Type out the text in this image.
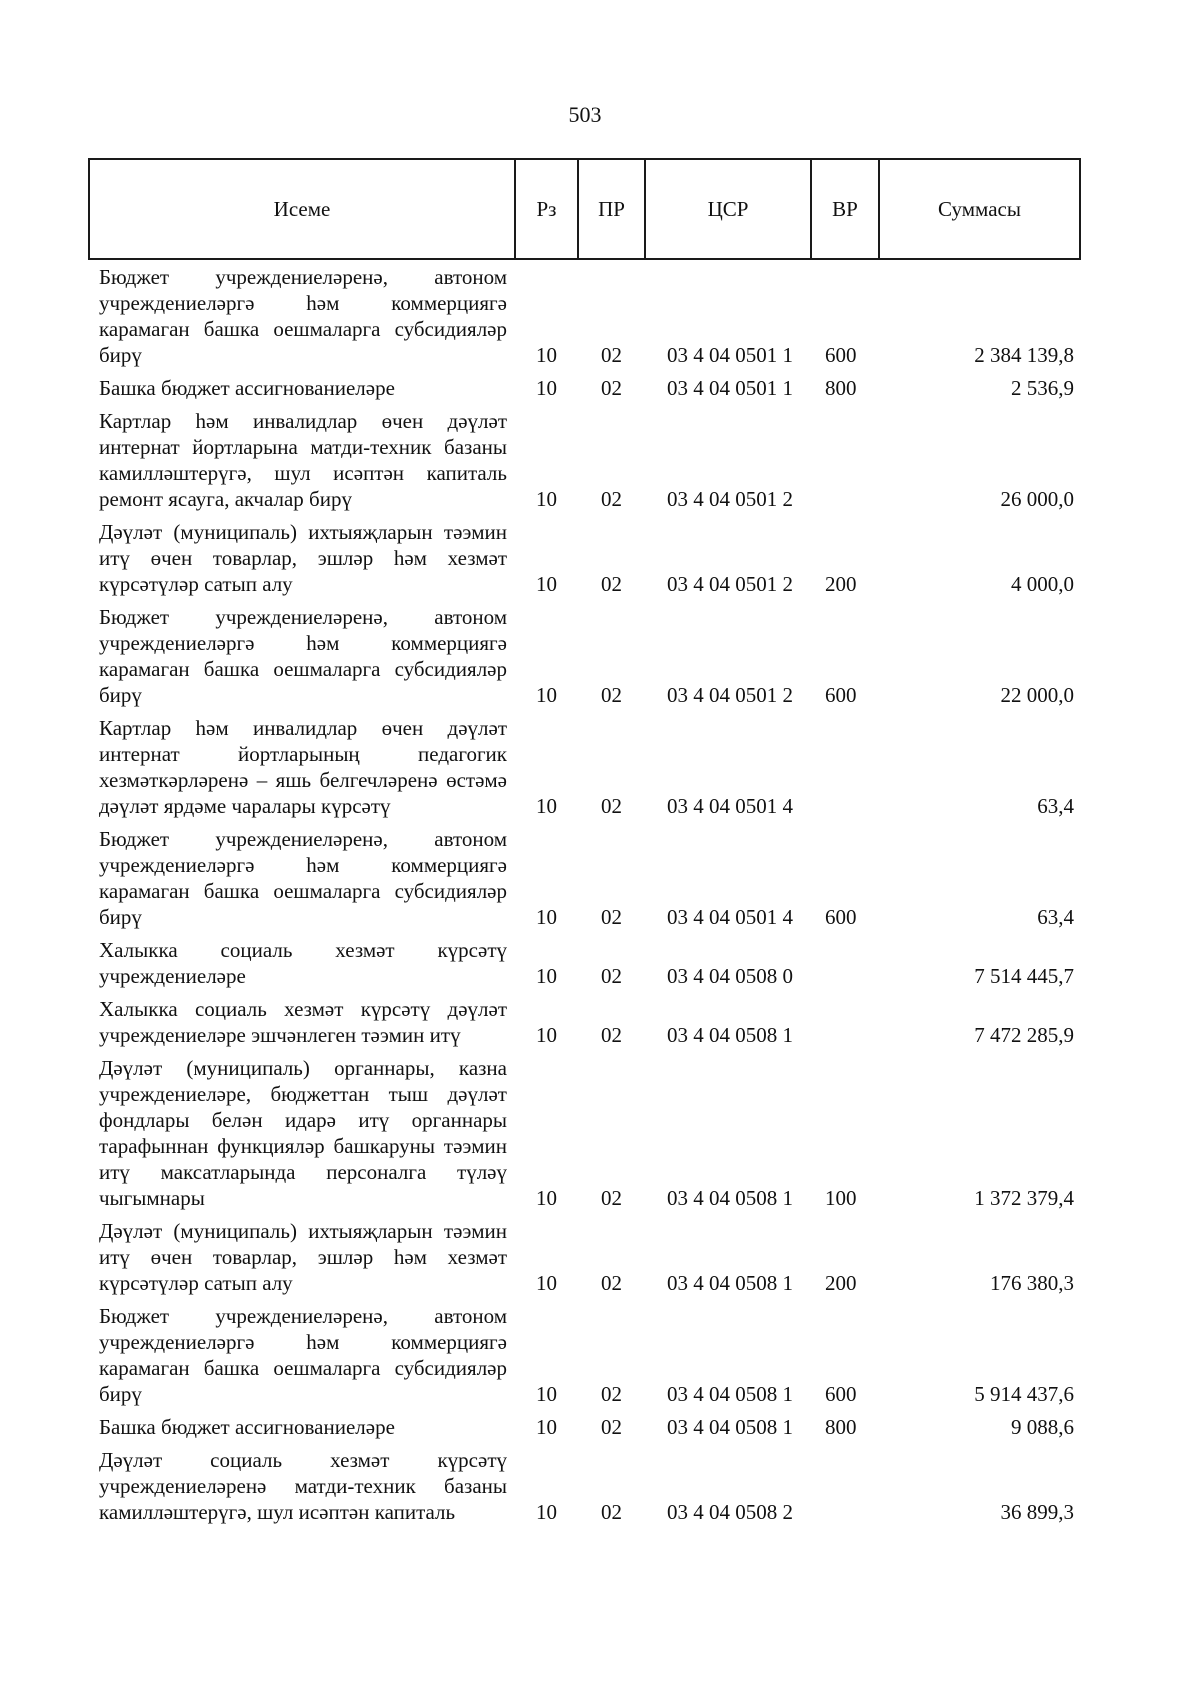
503
Исеме	Рз	ПР	ЦСР	ВР	Суммасы
Бюджет учреждениеләренә, автоном учреждениеләргә һәм коммерциягә карамаган башка оешмаларга субсидияләр бирү	10	02	03 4 04 0501 1	600	2 384 139,8
Башка бюджет ассигнованиеләре	10	02	03 4 04 0501 1	800	2 536,9
Картлар һәм инвалидлар өчен дәүләт интернат йортларына матди-техник базаны камилләштерүгә, шул исәптән капиталь ремонт ясауга, акчалар бирү	10	02	03 4 04 0501 2		26 000,0
Дәүләт (муниципаль) ихтыяҗларын тәэмин итү өчен товарлар, эшләр һәм хезмәт күрсәтүләр сатып алу	10	02	03 4 04 0501 2	200	4 000,0
Бюджет учреждениеләренә, автоном учреждениеләргә һәм коммерциягә карамаган башка оешмаларга субсидияләр бирү	10	02	03 4 04 0501 2	600	22 000,0
Картлар һәм инвалидлар өчен дәүләт интернат йортларының педагогик хезмәткәрләренә – яшь белгечләренә өстәмә дәүләт ярдәме чаралары күрсәтү	10	02	03 4 04 0501 4		63,4
Бюджет учреждениеләренә, автоном учреждениеләргә һәм коммерциягә карамаган башка оешмаларга субсидияләр бирү	10	02	03 4 04 0501 4	600	63,4
Халыкка социаль хезмәт күрсәтү учреждениеләре	10	02	03 4 04 0508 0		7 514 445,7
Халыкка социаль хезмәт күрсәтү дәүләт учреждениеләре эшчәнлеген тәэмин итү	10	02	03 4 04 0508 1		7 472 285,9
Дәүләт (муниципаль) органнары, казна учреждениеләре, бюджеттан тыш дәүләт фондлары белән идарә итү органнары тарафыннан функцияләр башкаруны тәэмин итү максатларында персоналга түләү чыгымнары	10	02	03 4 04 0508 1	100	1 372 379,4
Дәүләт (муниципаль) ихтыяҗларын тәэмин итү өчен товарлар, эшләр һәм хезмәт күрсәтүләр сатып алу	10	02	03 4 04 0508 1	200	176 380,3
Бюджет учреждениеләренә, автоном учреждениеләргә һәм коммерциягә карамаган башка оешмаларга субсидияләр бирү	10	02	03 4 04 0508 1	600	5 914 437,6
Башка бюджет ассигнованиеләре	10	02	03 4 04 0508 1	800	9 088,6
Дәүләт социаль хезмәт күрсәтү учреждениеләренә матди-техник базаны камилләштерүгә, шул исәптән капиталь	10	02	03 4 04 0508 2		36 899,3
